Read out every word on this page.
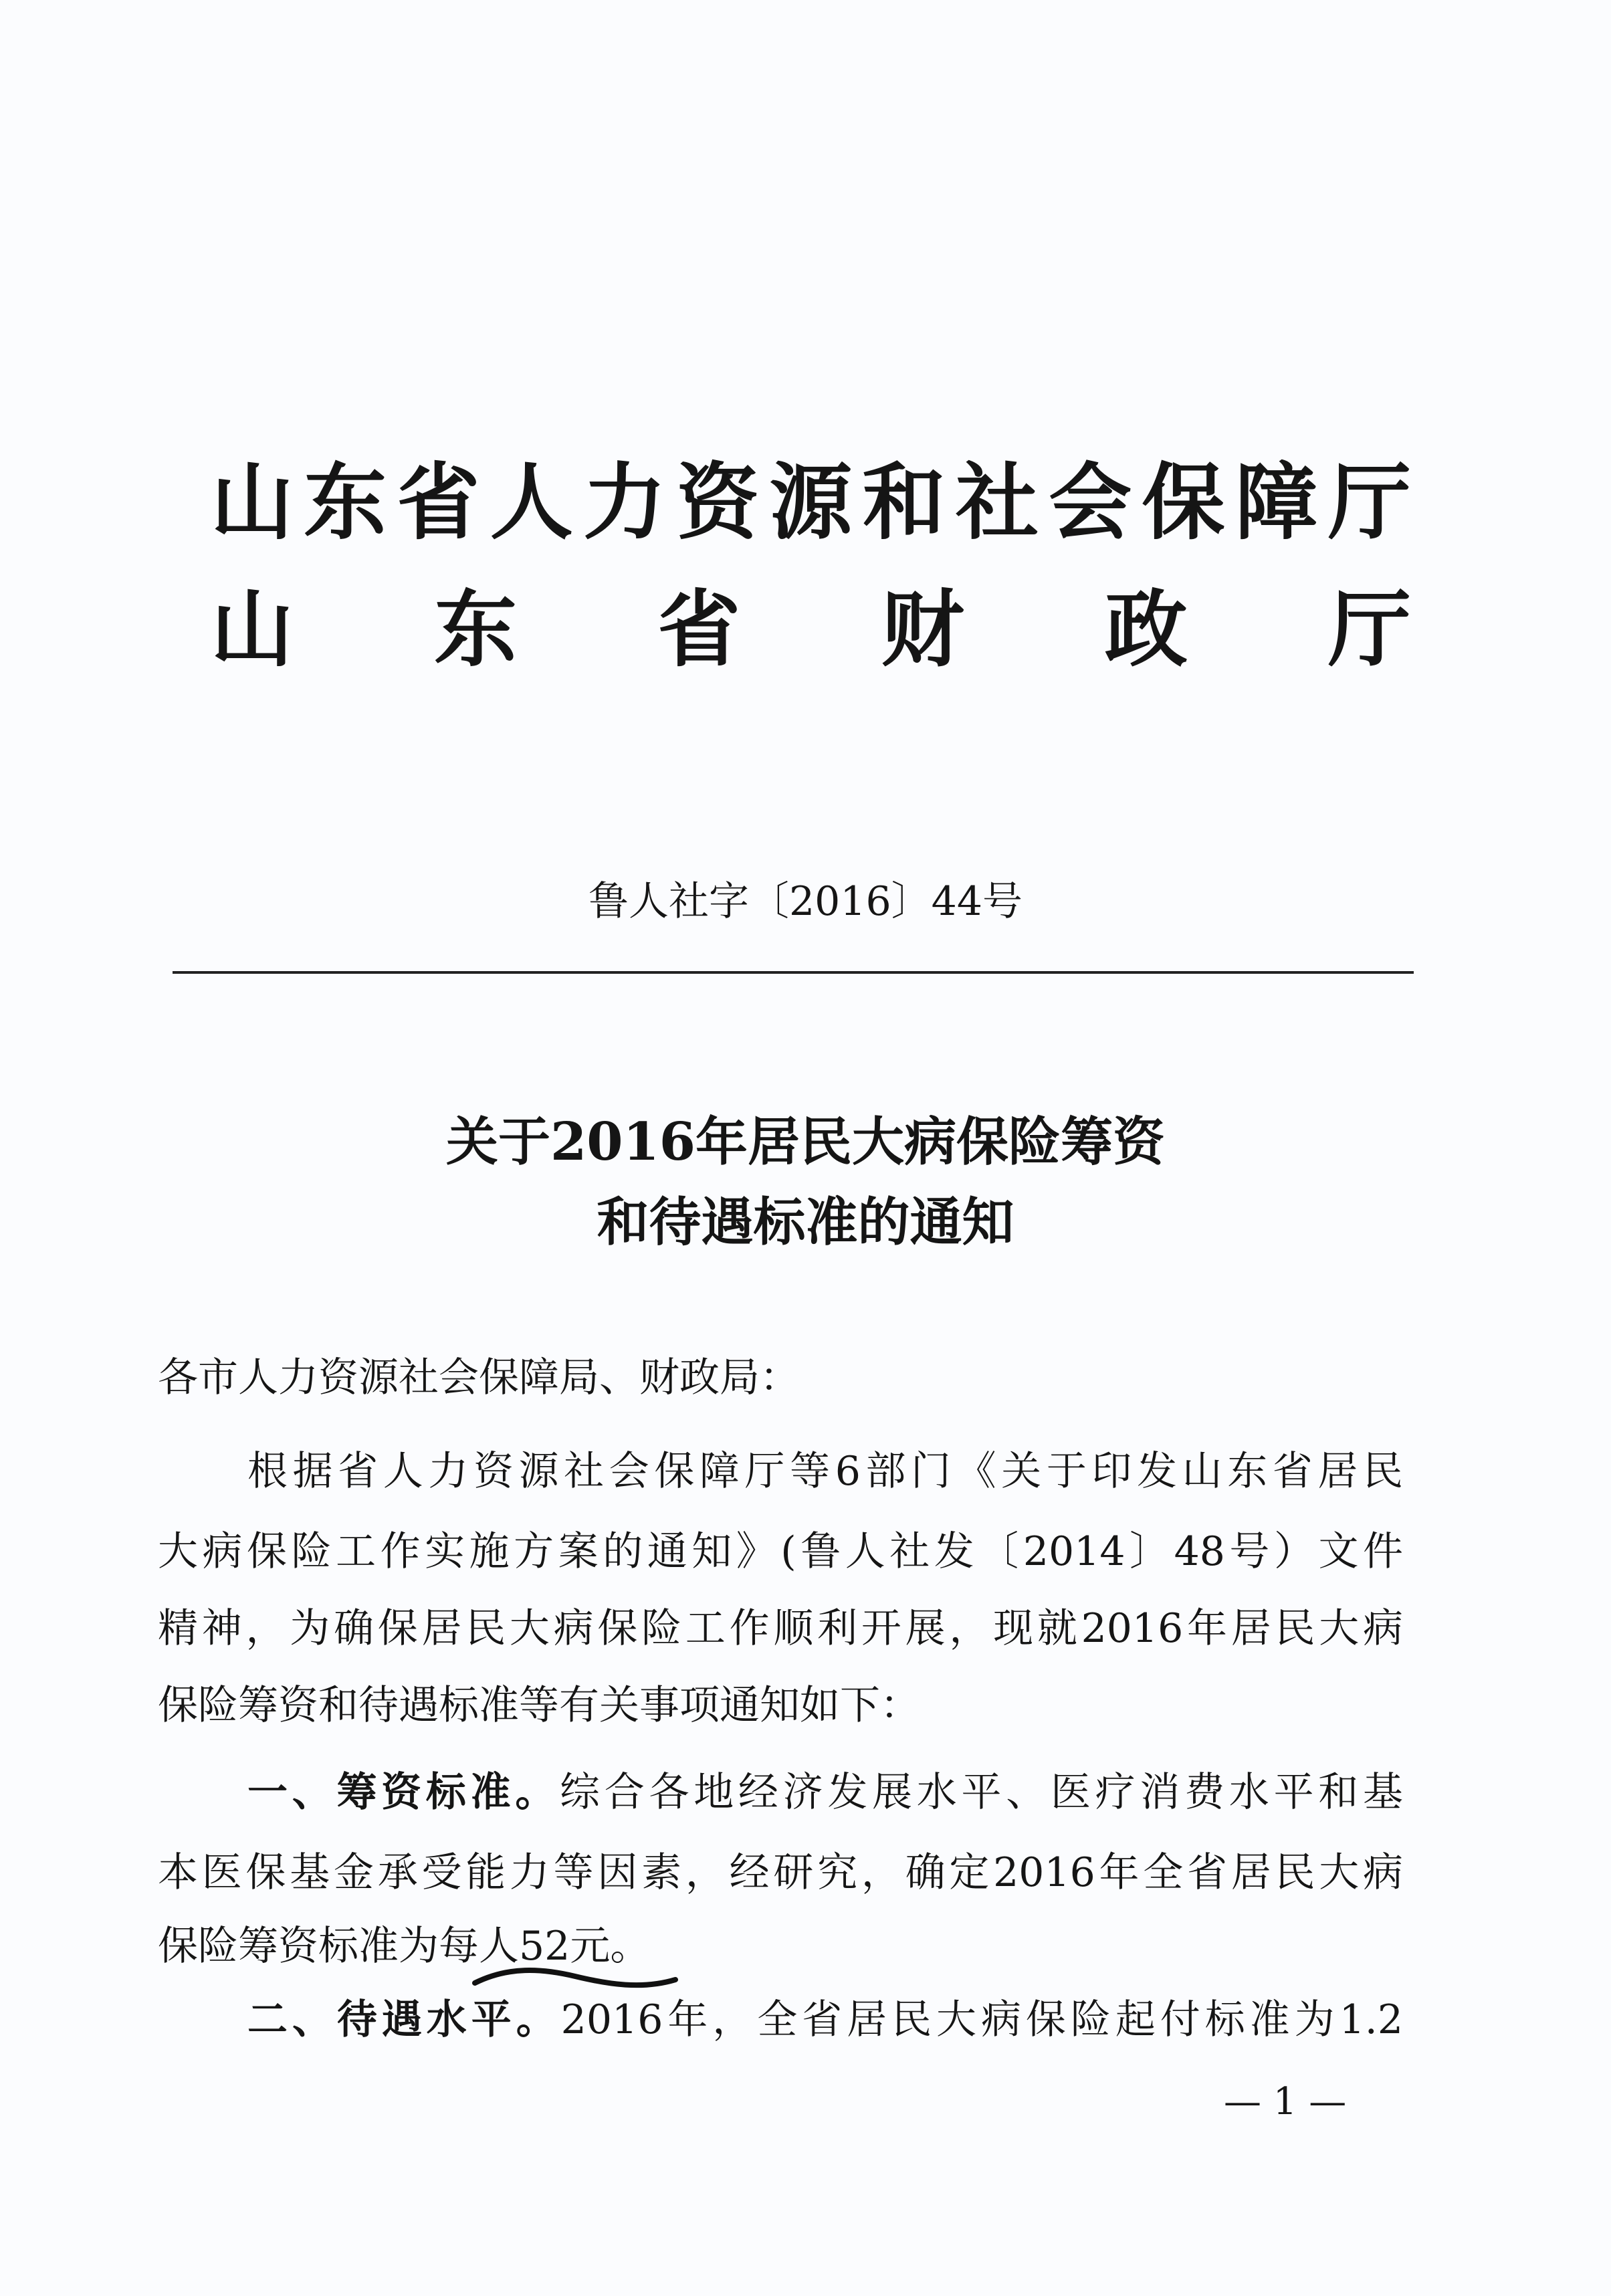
山东省人力资源和社会保障厅
山 东 省 财 政 厅
鲁人社字〔2016〕44号
关于2016年居民大病保险筹资
和待遇标准的通知
各市人力资源社会保障局、财政局：
根据省人力资源社会保障厅等6部门《关于印发山东省居民
大病保险工作实施方案的通知》(鲁人社发〔2014〕48号）文件
精神，为确保居民大病保险工作顺利开展，现就2016年居民大病
保险筹资和待遇标准等有关事项通知如下：
一、筹资标准。综合各地经济发展水平、医疗消费水平和基
本医保基金承受能力等因素，经研究，确定2016年全省居民大病
保险筹资标准为每人52元。
二、待遇水平。2016年，全省居民大病保险起付标准为1.2
— 1 —
